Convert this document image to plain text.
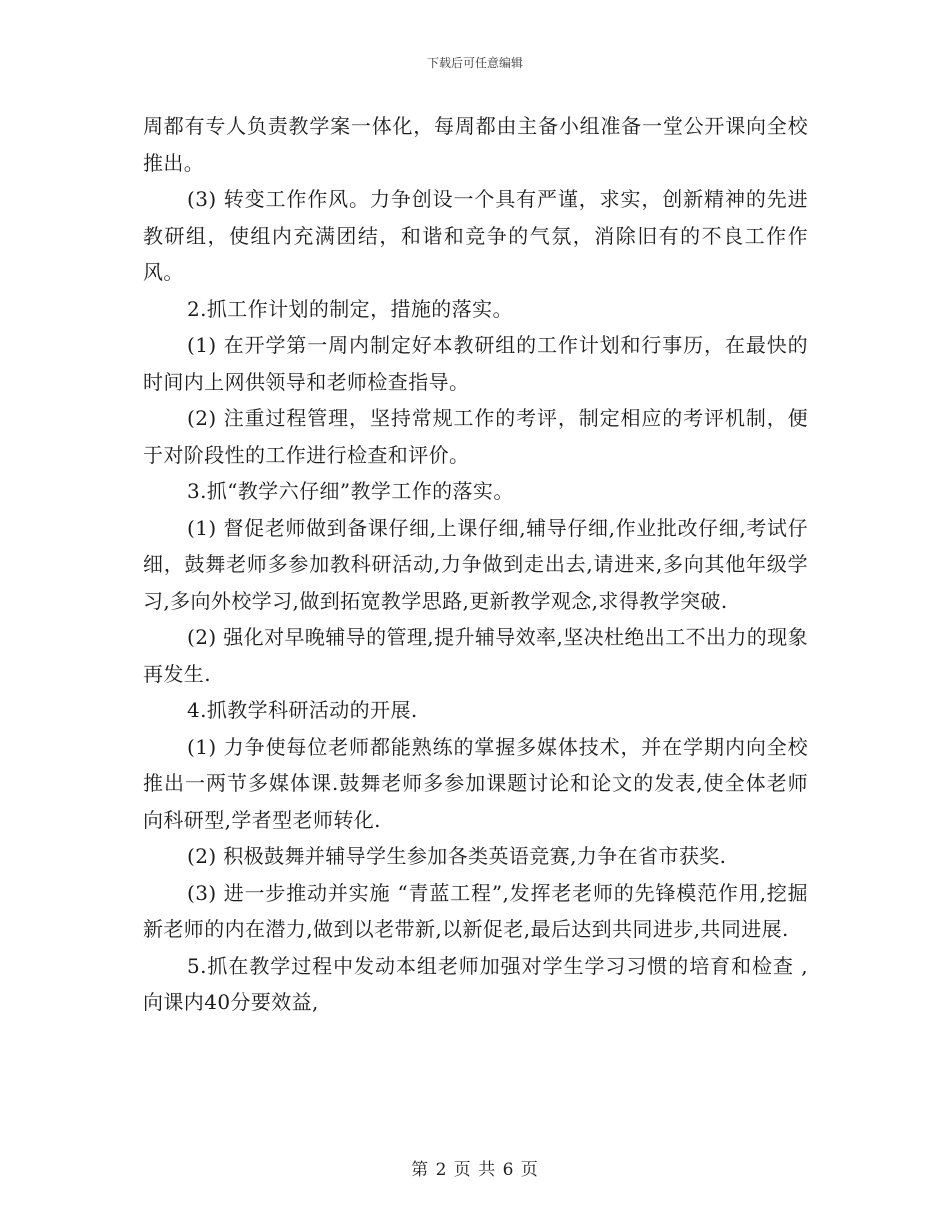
下载后可任意编辑

周都有专人负责教学案一体化，每周都由主备小组准备一堂公开课向全校推出。

(3) 转变工作作风。力争创设一个具有严谨，求实，创新精神的先进教研组，使组内充满团结，和谐和竞争的气氛，消除旧有的不良工作作风。

2.抓工作计划的制定，措施的落实。

(1) 在开学第一周内制定好本教研组的工作计划和行事历，在最快的时间内上网供领导和老师检查指导。

(2) 注重过程管理，坚持常规工作的考评，制定相应的考评机制，便于对阶段性的工作进行检查和评价。

3.抓“教学六仔细”教学工作的落实。

(1) 督促老师做到备课仔细,上课仔细,辅导仔细,作业批改仔细,考试仔细，鼓舞老师多参加教科研活动,力争做到走出去,请进来,多向其他年级学习,多向外校学习,做到拓宽教学思路,更新教学观念,求得教学突破.

(2) 强化对早晚辅导的管理,提升辅导效率,坚决杜绝出工不出力的现象再发生.

4.抓教学科研活动的开展.

(1) 力争使每位老师都能熟练的掌握多媒体技术，并在学期内向全校推出一两节多媒体课.鼓舞老师多参加课题讨论和论文的发表,使全体老师向科研型,学者型老师转化.

(2) 积极鼓舞并辅导学生参加各类英语竞赛,力争在省市获奖.

(3) 进一步推动并实施 “青蓝工程”,发挥老老师的先锋模范作用,挖掘新老师的内在潜力,做到以老带新,以新促老,最后达到共同进步,共同进展.

5.抓在教学过程中发动本组老师加强对学生学习习惯的培育和检查 ,向课内40分要效益,

第 2 页 共 6 页
